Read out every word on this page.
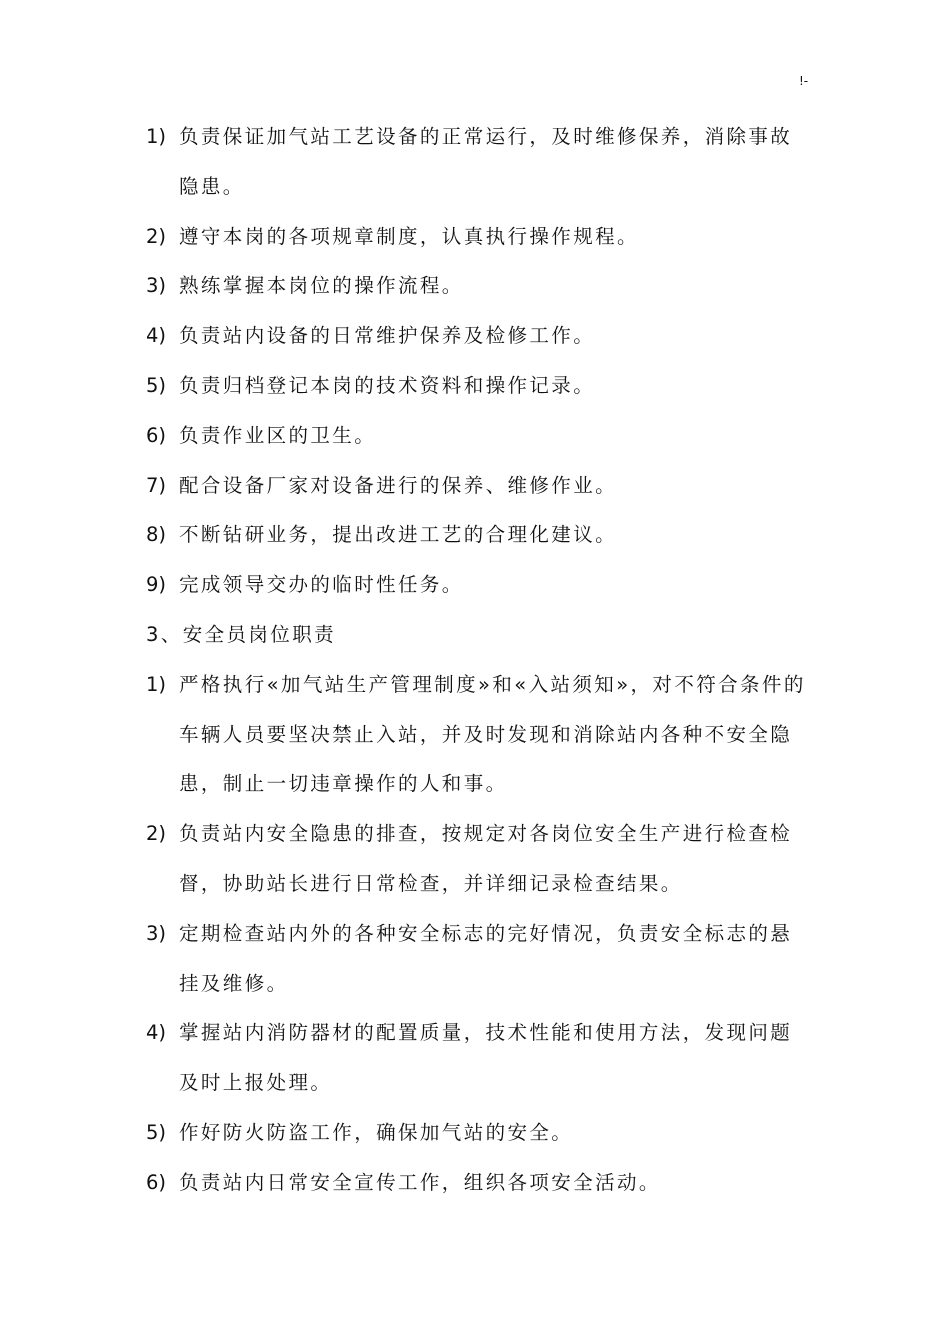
!-
1) 负责保证加气站工艺设备的正常运行，及时维修保养，消除事故隐患。
2) 遵守本岗的各项规章制度，认真执行操作规程。
3) 熟练掌握本岗位的操作流程。
4) 负责站内设备的日常维护保养及检修工作。
5) 负责归档登记本岗的技术资料和操作记录。
6) 负责作业区的卫生。
7) 配合设备厂家对设备进行的保养、维修作业。
8) 不断钻研业务，提出改进工艺的合理化建议。
9) 完成领导交办的临时性任务。
3、安全员岗位职责
1) 严格执行«加气站生产管理制度»和«入站须知»，对不符合条件的车辆人员要坚决禁止入站，并及时发现和消除站内各种不安全隐患，制止一切违章操作的人和事。
2) 负责站内安全隐患的排查，按规定对各岗位安全生产进行检查检督，协助站长进行日常检查，并详细记录检查结果。
3) 定期检查站内外的各种安全标志的完好情况，负责安全标志的悬挂及维修。
4) 掌握站内消防器材的配置质量，技术性能和使用方法，发现问题及时上报处理。
5) 作好防火防盗工作，确保加气站的安全。
6) 负责站内日常安全宣传工作，组织各项安全活动。
